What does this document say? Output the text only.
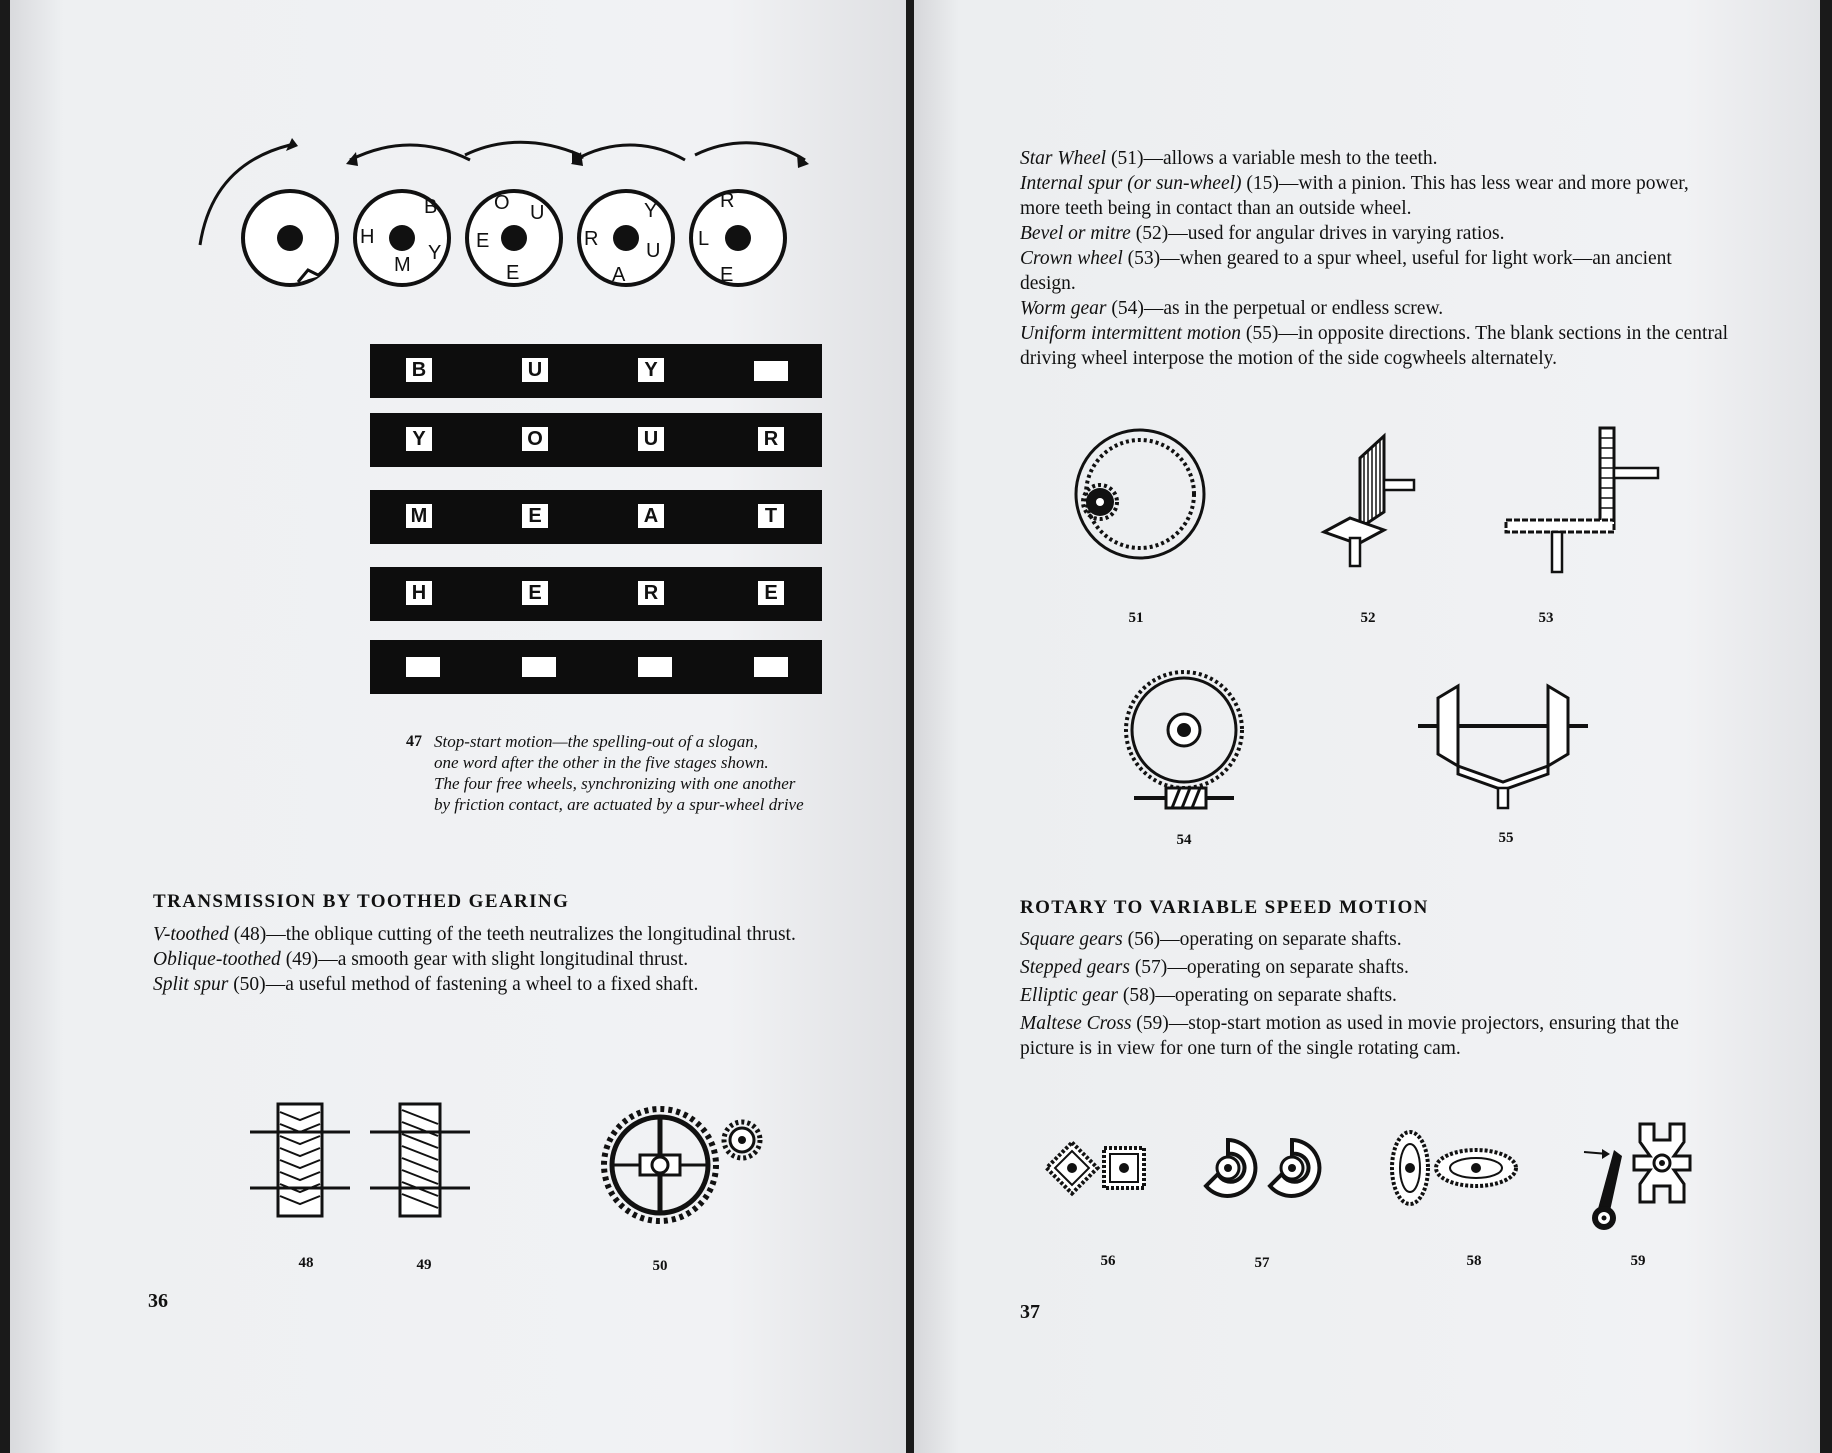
B
H
M
Y
O U
E
E
Y
R
U
A
R
L
E
B	U	Y
Y	O	U	R
M	E	A	T
H	E	R	E
47 Stop-start motion—the spelling-out of a slogan,
one word after the other in the five stages shown.
The four free wheels, synchronizing with one another
by friction contact, are actuated by a spur-wheel drive
TRANSMISSION BY TOOTHED GEARING

V-toothed (48)—the oblique cutting of the teeth neutralizes the longitudinal thrust.

Oblique-toothed (49)—a smooth gear with slight longitudinal thrust.

Split spur (50)—a useful method of fastening a wheel to a fixed shaft.

48	49	50
36

Star Wheel (51)—allows a variable mesh to the teeth.

Internal spur (or sun-wheel) (15)—with a pinion. This has less wear and more power, more teeth being in contact than an outside wheel.

Bevel or mitre (52)—used for angular drives in varying ratios.

Crown wheel (53)—when geared to a spur wheel, useful for light work—an ancient design.

Worm gear (54)—as in the perpetual or endless screw.

Uniform intermittent motion (55)—in opposite directions. The blank sections in the central driving wheel interpose the motion of the side cogwheels alternately.

51	52	53
54	55
ROTARY TO VARIABLE SPEED MOTION

Square gears (56)—operating on separate shafts.

Stepped gears (57)—operating on separate shafts.

Elliptic gear (58)—operating on separate shafts.

Maltese Cross (59)—stop-start motion as used in movie projectors, ensuring that the picture is in view for one turn of the single rotating cam.

56	57	58	59
37
